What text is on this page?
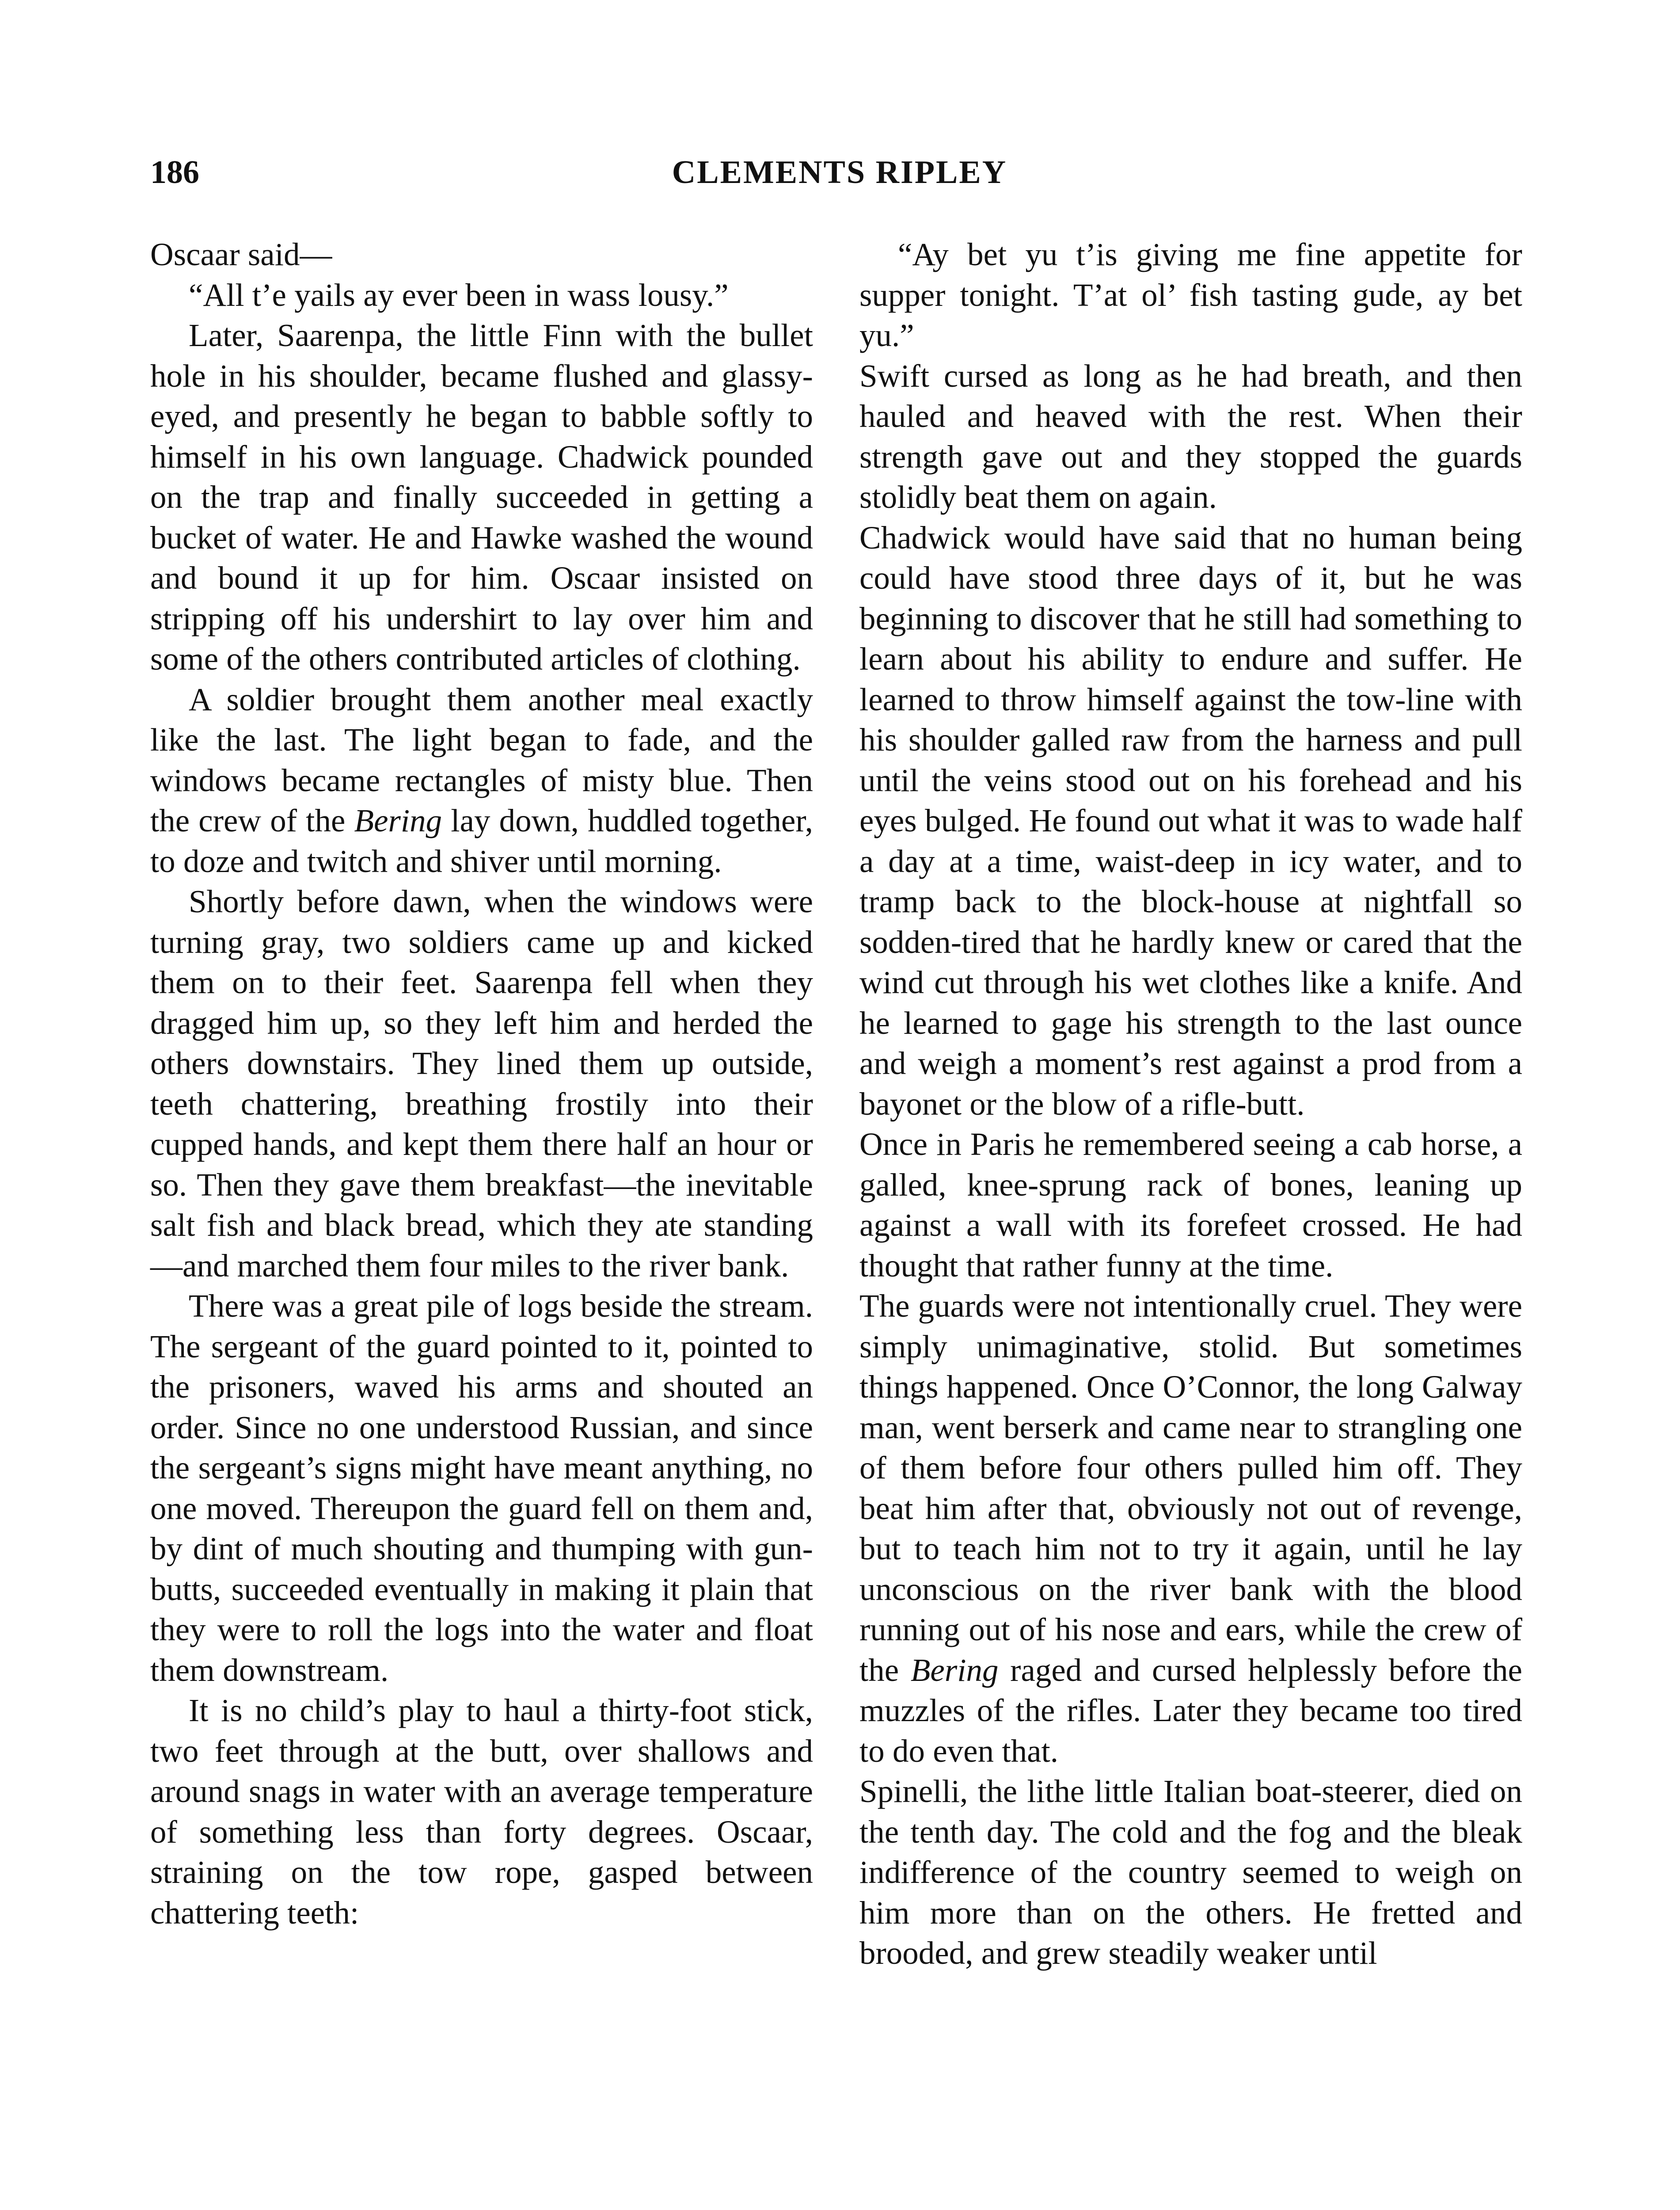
186	CLEMENTS RIPLEY

Oscaar said—

“All t’e yails ay ever been in wass lousy.”

Later, Saarenpa, the little Finn with the bullet hole in his shoulder, became flushed and glassy-eyed, and presently he began to babble softly to himself in his own language. Chadwick pounded on the trap and finally succeeded in getting a bucket of water. He and Hawke washed the wound and bound it up for him. Oscaar insisted on stripping off his undershirt to lay over him and some of the others contributed articles of clothing.

A soldier brought them another meal exactly like the last. The light began to fade, and the windows became rectangles of misty blue. Then the crew of the Bering lay down, huddled together, to doze and twitch and shiver until morning.

Shortly before dawn, when the windows were turning gray, two soldiers came up and kicked them on to their feet. Saarenpa fell when they dragged him up, so they left him and herded the others downstairs. They lined them up outside, teeth chattering, breathing frostily into their cupped hands, and kept them there half an hour or so. Then they gave them breakfast—the inevitable salt fish and black bread, which they ate standing—and marched them four miles to the river bank.

There was a great pile of logs beside the stream. The sergeant of the guard pointed to it, pointed to the prisoners, waved his arms and shouted an order. Since no one understood Russian, and since the sergeant’s signs might have meant anything, no one moved. Thereupon the guard fell on them and, by dint of much shouting and thumping with gun-butts, succeeded eventually in making it plain that they were to roll the logs into the water and float them downstream.

It is no child’s play to haul a thirty-foot stick, two feet through at the butt, over shallows and around snags in water with an average temperature of something less than forty degrees. Oscaar, straining on the tow rope, gasped between chattering teeth:

“Ay bet yu t’is giving me fine appetite for supper tonight. T’at ol’ fish tasting gude, ay bet yu.”

Swift cursed as long as he had breath, and then hauled and heaved with the rest. When their strength gave out and they stopped the guards stolidly beat them on again.

Chadwick would have said that no human being could have stood three days of it, but he was beginning to discover that he still had something to learn about his ability to endure and suffer. He learned to throw himself against the tow-line with his shoulder galled raw from the harness and pull until the veins stood out on his forehead and his eyes bulged. He found out what it was to wade half a day at a time, waist-deep in icy water, and to tramp back to the block-house at nightfall so sodden-tired that he hardly knew or cared that the wind cut through his wet clothes like a knife. And he learned to gage his strength to the last ounce and weigh a moment’s rest against a prod from a bayonet or the blow of a rifle-butt.

Once in Paris he remembered seeing a cab horse, a galled, knee-sprung rack of bones, leaning up against a wall with its forefeet crossed. He had thought that rather funny at the time.

The guards were not intentionally cruel. They were simply unimaginative, stolid. But sometimes things happened. Once O’Connor, the long Galway man, went berserk and came near to strangling one of them before four others pulled him off. They beat him after that, obviously not out of revenge, but to teach him not to try it again, until he lay unconscious on the river bank with the blood running out of his nose and ears, while the crew of the Bering raged and cursed helplessly before the muzzles of the rifles. Later they became too tired to do even that.

Spinelli, the lithe little Italian boat-steerer, died on the tenth day. The cold and the fog and the bleak indifference of the country seemed to weigh on him more than on the others. He fretted and brooded, and grew steadily weaker until
